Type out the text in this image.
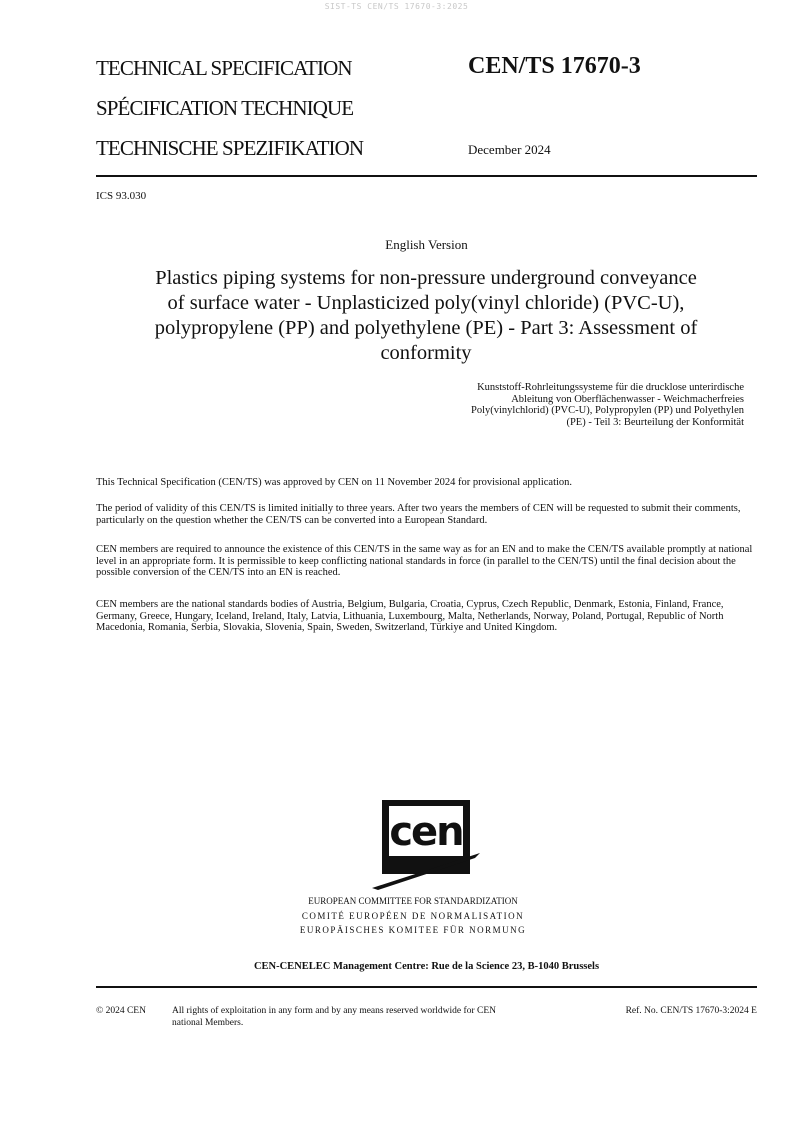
SIST-TS CEN/TS 17670-3:2025
TECHNICAL SPECIFICATION
SPÉCIFICATION TECHNIQUE
TECHNISCHE SPEZIFIKATION
CEN/TS 17670-3
December 2024
ICS 93.030
English Version
Plastics piping systems for non-pressure underground conveyance of surface water - Unplasticized poly(vinyl chloride) (PVC-U), polypropylene (PP) and polyethylene (PE) - Part 3: Assessment of conformity
Kunststoff-Rohrleitungssysteme für die drucklose unterirdische Ableitung von Oberflächenwasser - Weichmacherfreies Poly(vinylchlorid) (PVC-U), Polypropylen (PP) und Polyethylen (PE) - Teil 3: Beurteilung der Konformität

This Technical Specification (CEN/TS) was approved by CEN on 11 November 2024 for provisional application.

The period of validity of this CEN/TS is limited initially to three years. After two years the members of CEN will be requested to submit their comments, particularly on the question whether the CEN/TS can be converted into a European Standard.

CEN members are required to announce the existence of this CEN/TS in the same way as for an EN and to make the CEN/TS available promptly at national level in an appropriate form. It is permissible to keep conflicting national standards in force (in parallel to the CEN/TS) until the final decision about the possible conversion of the CEN/TS into an EN is reached.

CEN members are the national standards bodies of Austria, Belgium, Bulgaria, Croatia, Cyprus, Czech Republic, Denmark, Estonia, Finland, France, Germany, Greece, Hungary, Iceland, Ireland, Italy, Latvia, Lithuania, Luxembourg, Malta, Netherlands, Norway, Poland, Portugal, Republic of North Macedonia, Romania, Serbia, Slovakia, Slovenia, Spain, Sweden, Switzerland, Türkiye and United Kingdom.

cen
EUROPEAN COMMITTEE FOR STANDARDIZATION
COMITÉ EUROPÉEN DE NORMALISATION
EUROPÄISCHES KOMITEE FÜR NORMUNG
CEN-CENELEC Management Centre: Rue de la Science 23, B-1040 Brussels
© 2024 CEN	All rights of exploitation in any form and by any means reserved worldwide for CEN national Members.
Ref. No. CEN/TS 17670-3:2024 E
